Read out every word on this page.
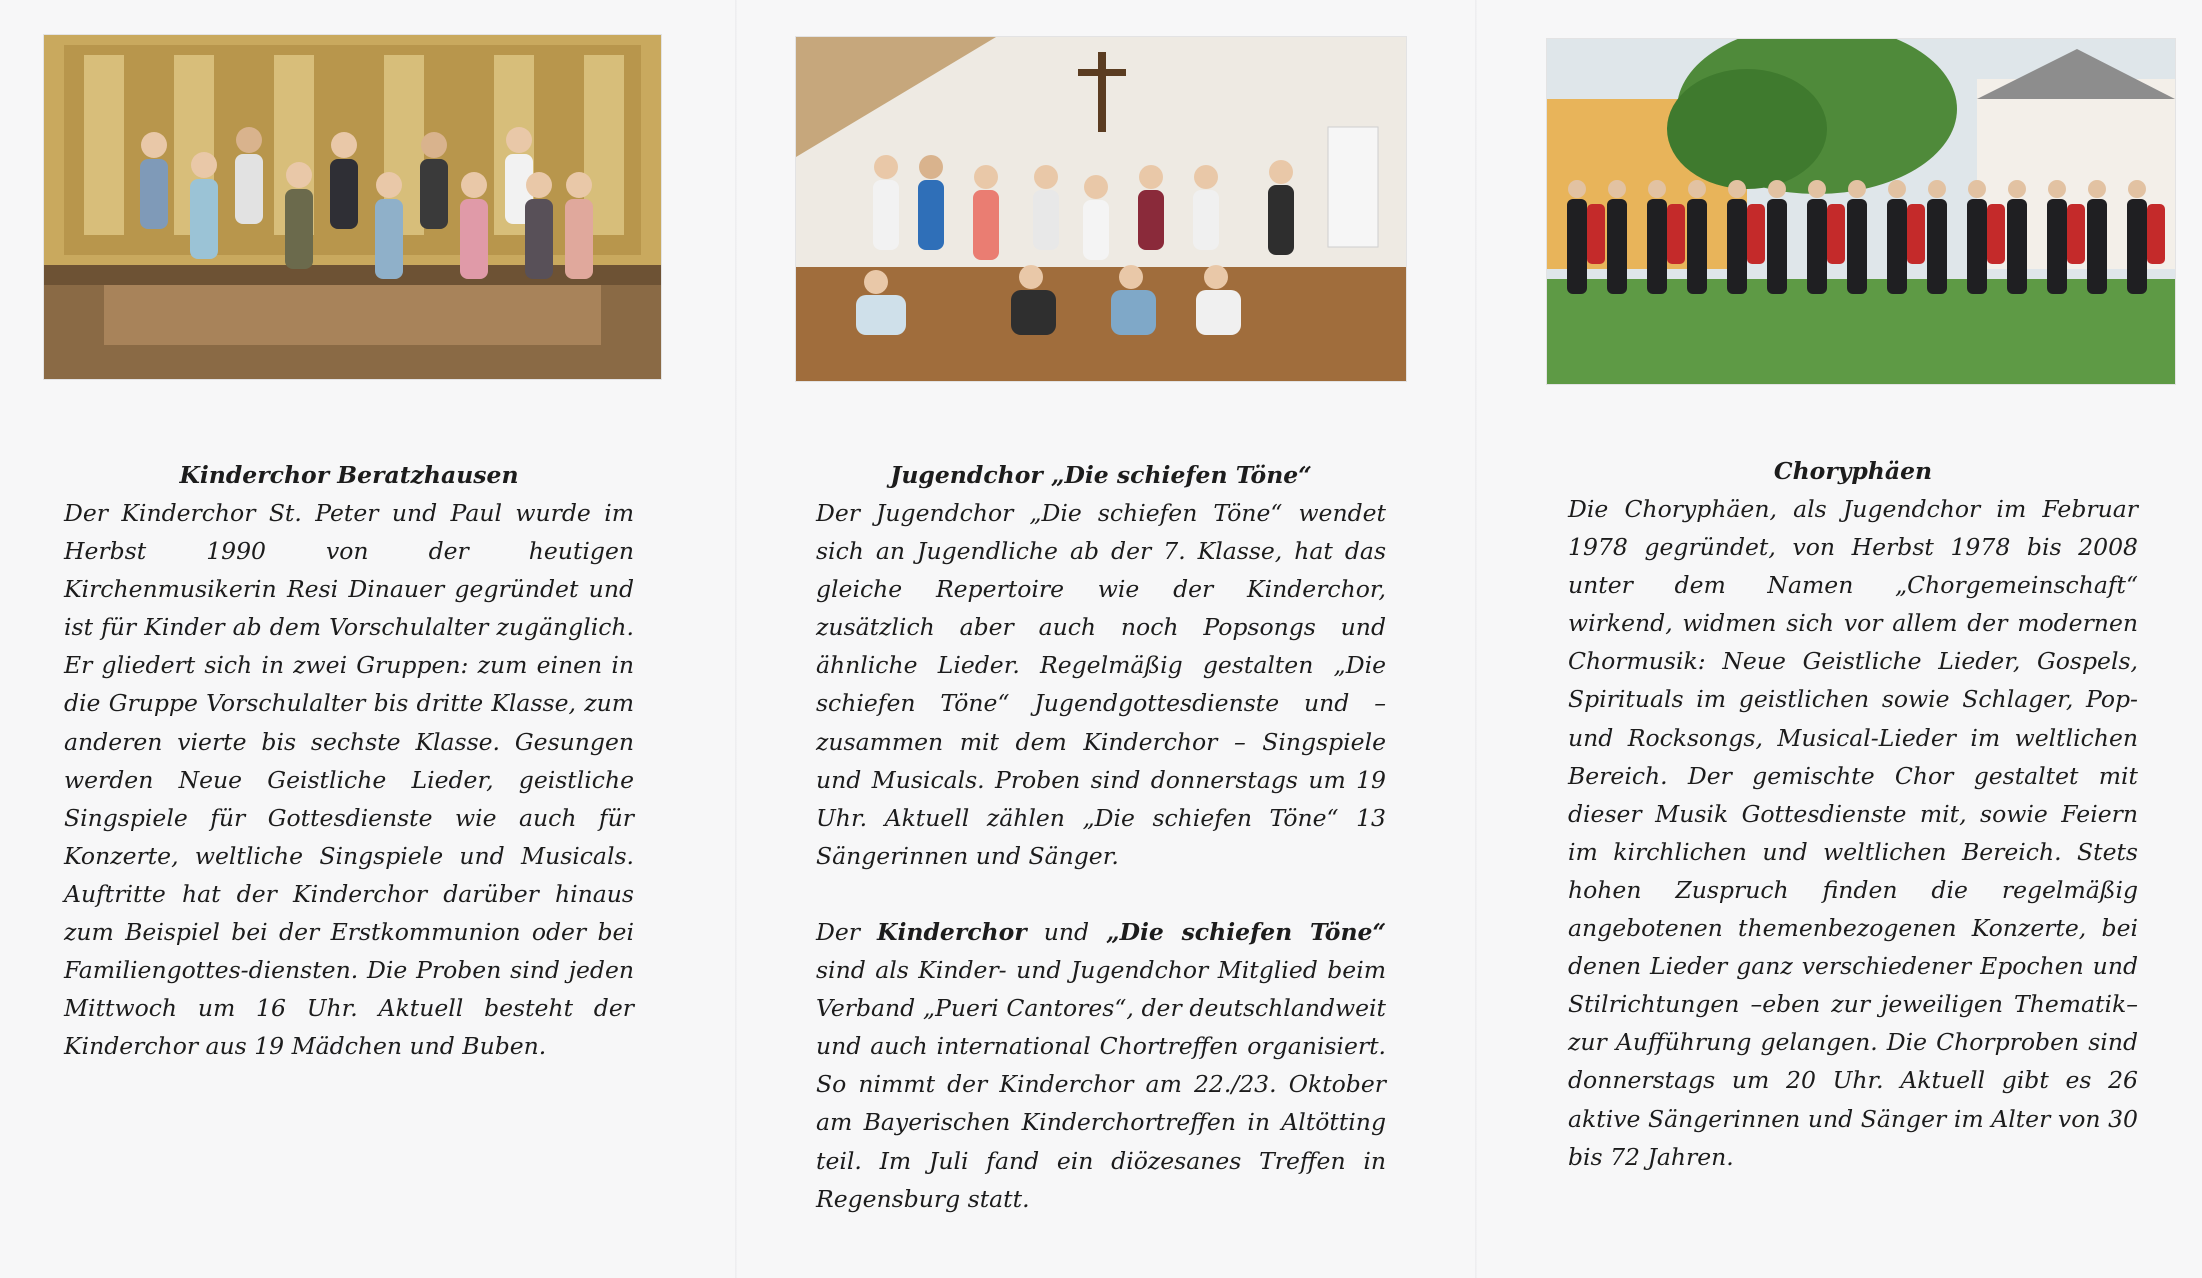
Kinderchor Beratzhausen

Der Kinderchor St. Peter und Paul wurde im Herbst 1990 von der heutigen Kirchenmusikerin Resi Dinauer gegründet und ist für Kinder ab dem Vorschulalter zugänglich. Er gliedert sich in zwei Gruppen: zum einen in die Gruppe Vorschulalter bis dritte Klasse, zum anderen vierte bis sechste Klasse. Gesungen werden Neue Geistliche Lieder, geistliche Singspiele für Gottesdienste wie auch für Konzerte, weltliche Singspiele und Musicals. Auftritte hat der Kinderchor darüber hinaus zum Beispiel bei der Erstkommunion oder bei Familiengottes-diensten. Die Proben sind jeden Mittwoch um 16 Uhr. Aktuell besteht der Kinderchor aus 19 Mädchen und Buben.

Jugendchor „Die schiefen Töne“

Der Jugendchor „Die schiefen Töne“ wendet sich an Jugendliche ab der 7. Klasse, hat das gleiche Repertoire wie der Kinderchor, zusätzlich aber auch noch Popsongs und ähnliche Lieder. Regelmäßig gestalten „Die schiefen Töne“ Jugendgottesdienste und – zusammen mit dem Kinderchor – Singspiele und Musicals. Proben sind donnerstags um 19 Uhr. Aktuell zählen „Die schiefen Töne“ 13 Sängerinnen und Sänger.

Der Kinderchor und „Die schiefen Töne“ sind als Kinder- und Jugendchor Mitglied beim Verband „Pueri Cantores“, der deutschlandweit und auch international Chortreffen organisiert. So nimmt der Kinderchor am 22./23. Oktober am Bayerischen Kinderchortreffen in Altötting teil. Im Juli fand ein diözesanes Treffen in Regensburg statt.

Choryphäen

Die Choryphäen, als Jugendchor im Februar 1978 gegründet, von Herbst 1978 bis 2008 unter dem Namen „Chorgemeinschaft“ wirkend, widmen sich vor allem der modernen Chormusik: Neue Geistliche Lieder, Gospels, Spirituals im geistlichen sowie Schlager, Pop- und Rocksongs, Musical-Lieder im weltlichen Bereich. Der gemischte Chor gestaltet mit dieser Musik Gottesdienste mit, sowie Feiern im kirchlichen und weltlichen Bereich. Stets hohen Zuspruch finden die regelmäßig angebotenen themenbezogenen Konzerte, bei denen Lieder ganz verschiedener Epochen und Stilrichtungen –eben zur jeweiligen Thematik– zur Aufführung gelangen. Die Chorproben sind donnerstags um 20 Uhr. Aktuell gibt es 26 aktive Sängerinnen und Sänger im Alter von 30 bis 72 Jahren.
